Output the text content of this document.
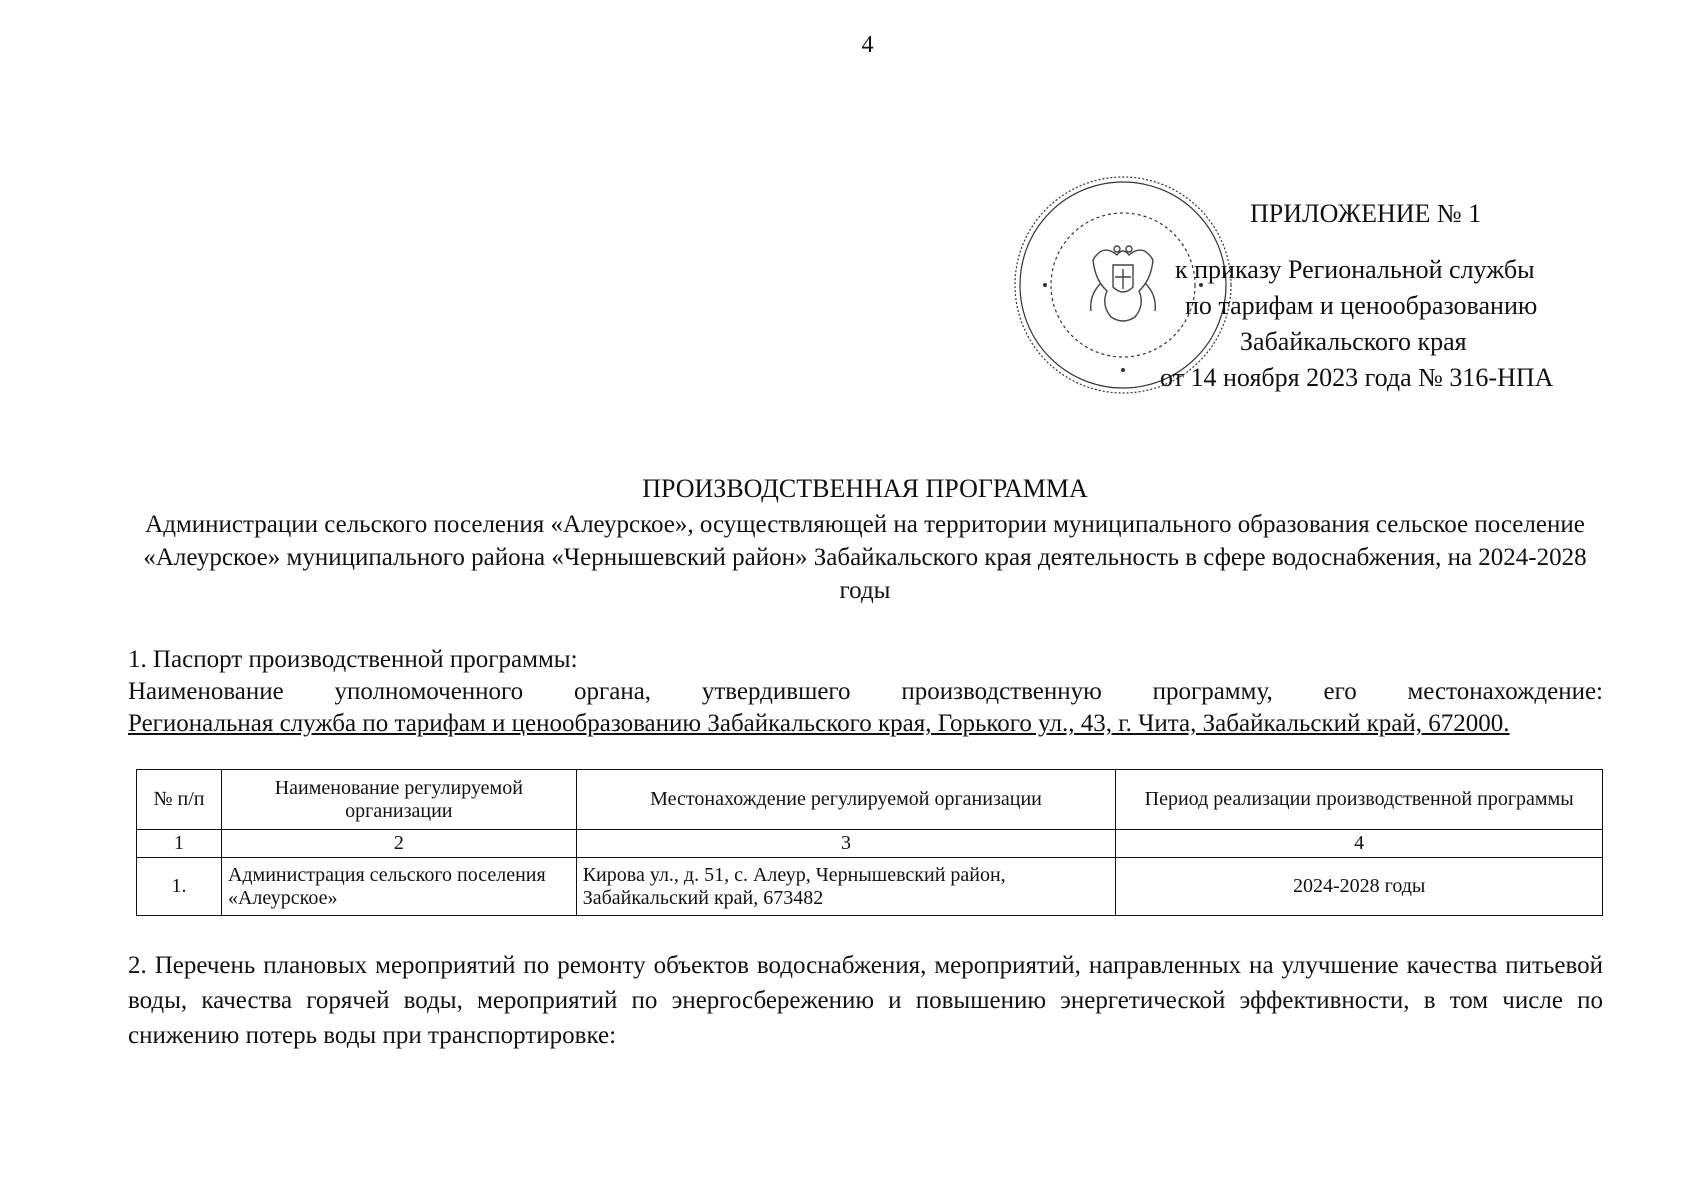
4
ПРИЛОЖЕНИЕ № 1
к приказу Региональной службы
по тарифам и ценообразованию
Забайкальского края
от 14 ноября 2023 года № 316-НПА
ПРОИЗВОДСТВЕННАЯ ПРОГРАММА
Администрации сельского поселения «Алеурское», осуществляющей на территории муниципального образования сельское поселение «Алеурское» муниципального района «Чернышевский район» Забайкальского края деятельность в сфере водоснабжения, на 2024-2028 годы
1. Паспорт производственной программы:
Наименование уполномоченного органа, утвердившего производственную программу, его местонахождение:
Региональная служба по тарифам и ценообразованию Забайкальского края, Горького ул., 43, г. Чита, Забайкальский край, 672000.
№ п/п	Наименование регулируемой организации	Местонахождение регулируемой организации	Период реализации производственной программы
1	2	3	4
1.	Администрация сельского поселения «Алеурское»	Кирова ул., д. 51, с. Алеур, Чернышевский район, Забайкальский край, 673482	2024-2028 годы
2. Перечень плановых мероприятий по ремонту объектов водоснабжения, мероприятий, направленных на улучшение качества питьевой воды, качества горячей воды, мероприятий по энергосбережению и повышению энергетической эффективности, в том числе по снижению потерь воды при транспортировке:
